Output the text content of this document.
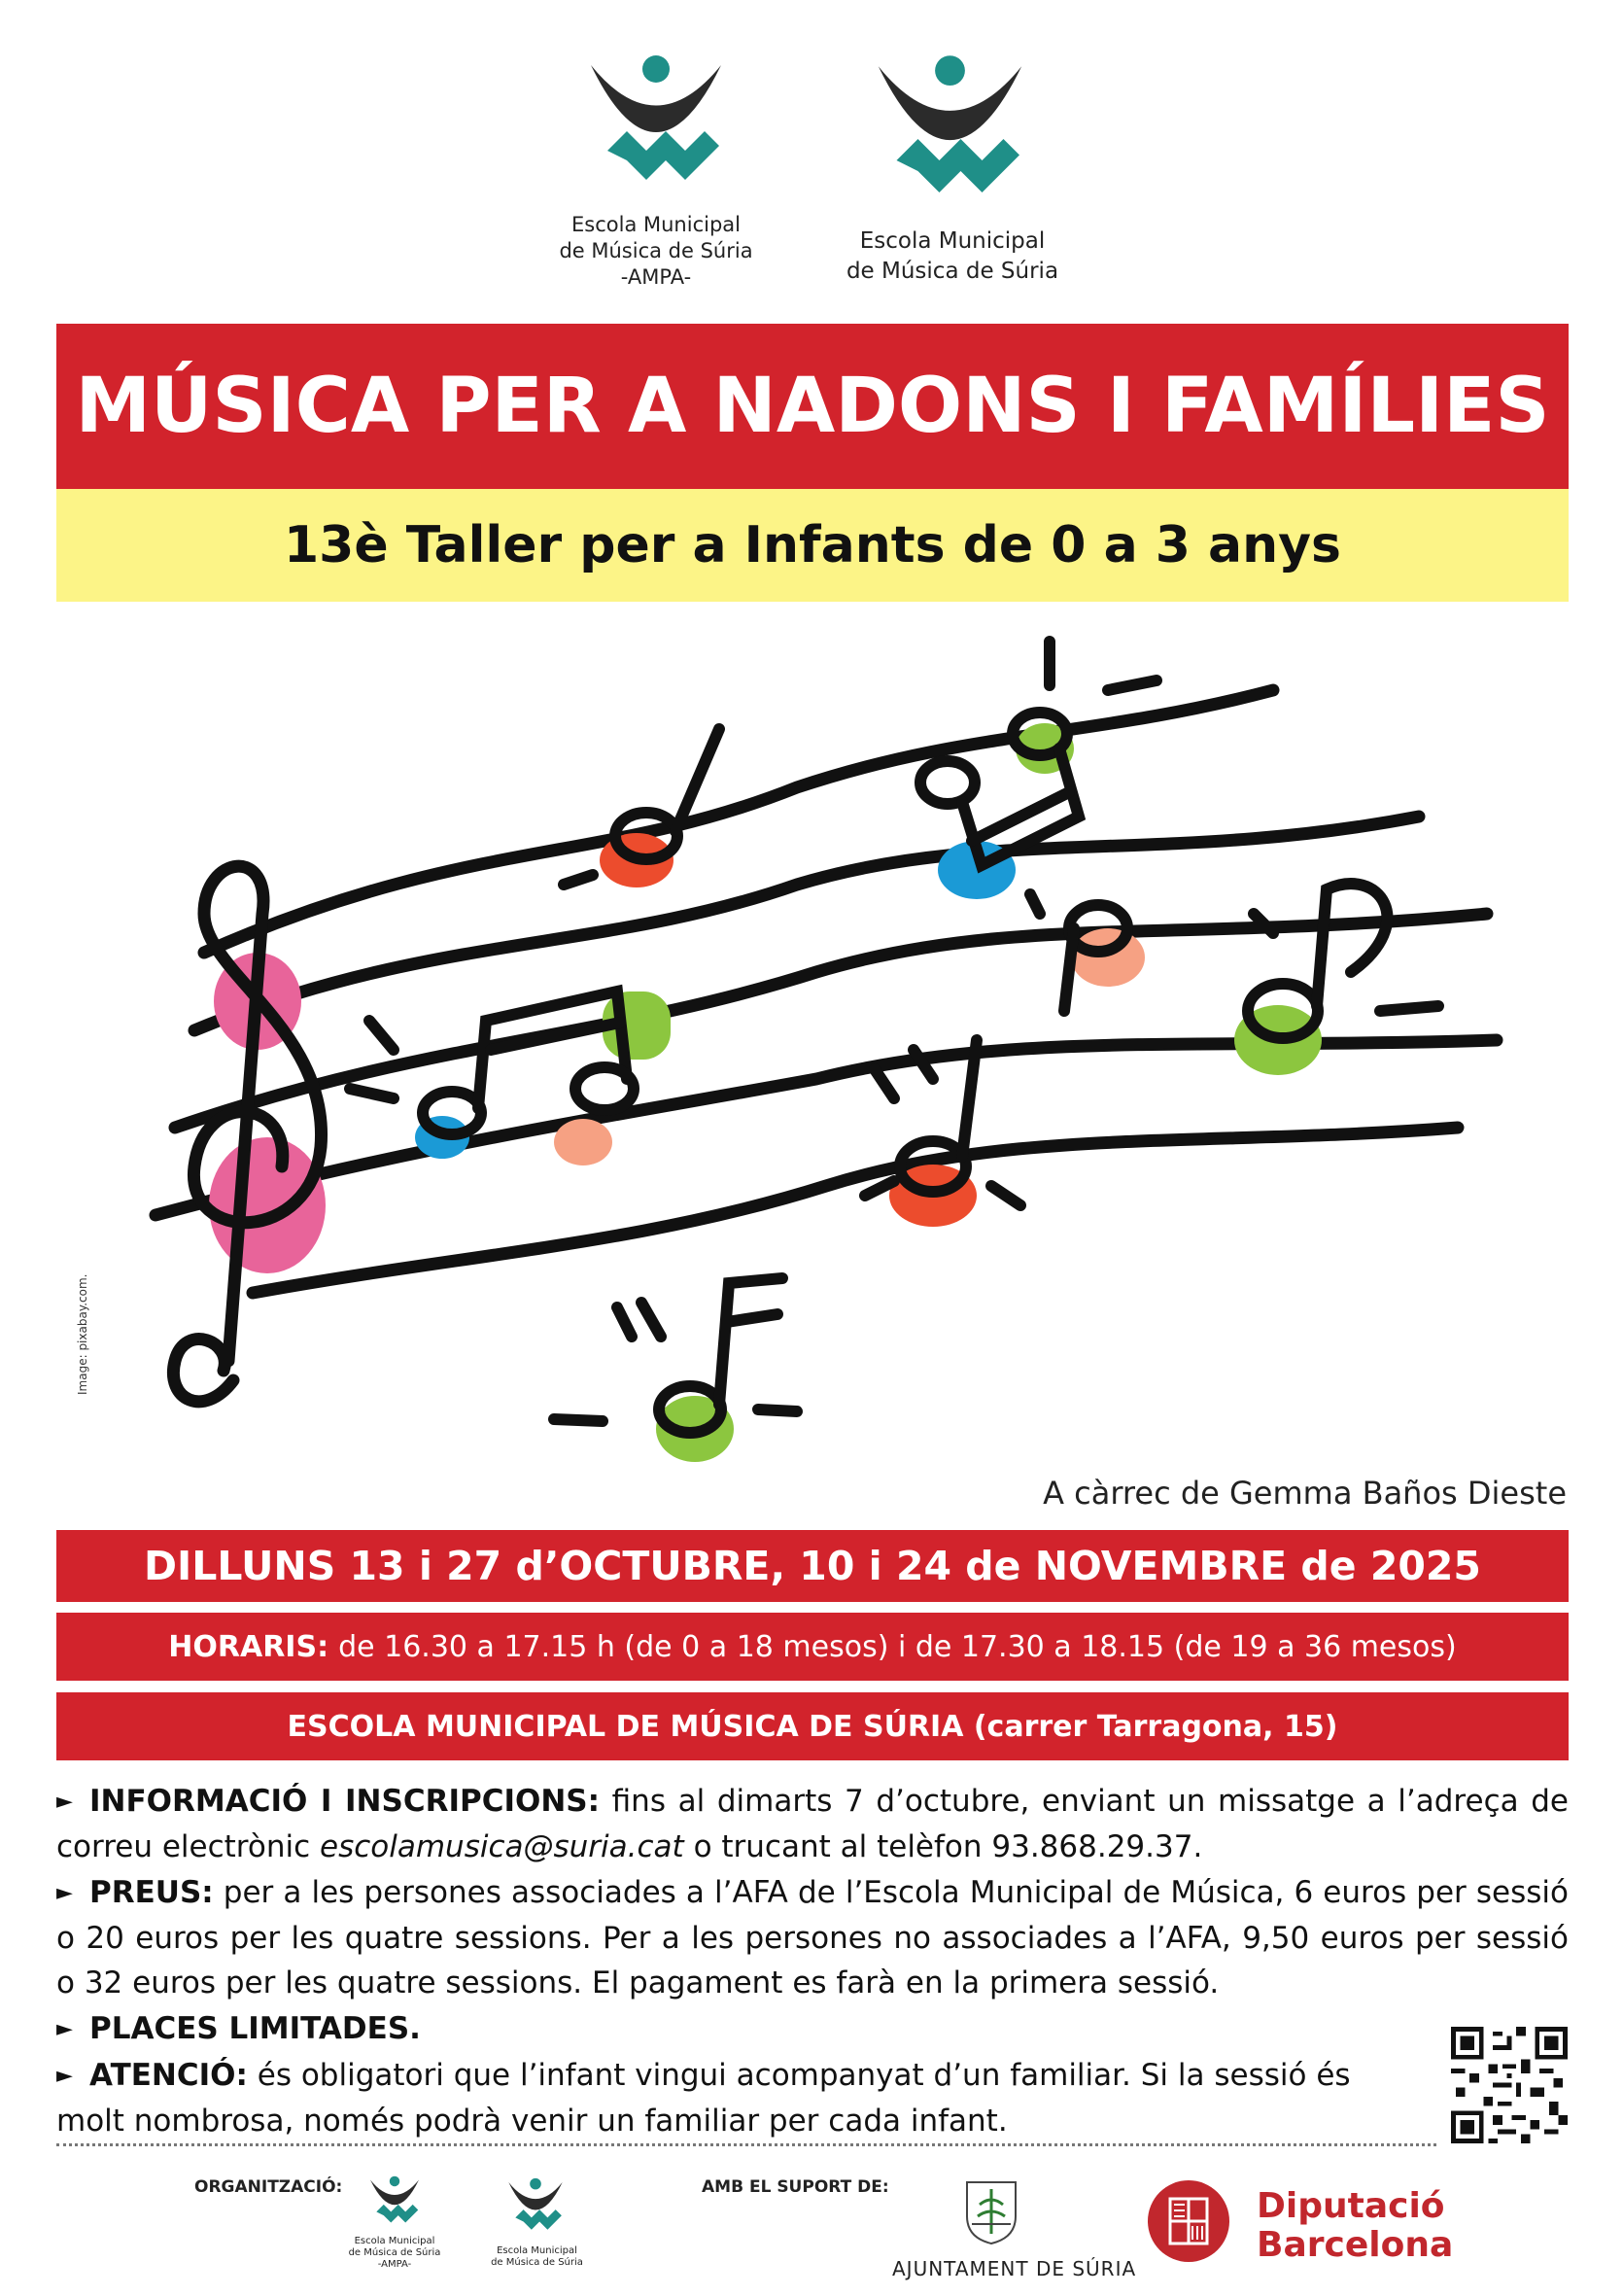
Escola Municipal
de Música de Súria
-AMPA-
Escola Municipal
de Música de Súria
MÚSICA PER A NADONS I FAMÍLIES
13è Taller per a Infants de 0 a 3 anys
Image: pixabay.com.
A càrrec de Gemma Baños Dieste
DILLUNS 13 i 27 d’OCTUBRE, 10 i 24 de NOVEMBRE de 2025
HORARIS: de 16.30 a 17.15 h (de 0 a 18 mesos) i de 17.30 a 18.15 (de 19 a 36 mesos)
ESCOLA MUNICIPAL DE MÚSICA DE SÚRIA (carrer Tarragona, 15)
► INFORMACIÓ I INSCRIPCIONS: fins al dimarts 7 d’octubre, enviant un missatge a l’adreça de correu electrònic escolamusica@suria.cat o trucant al telèfon 93.868.29.37.
► PREUS: per a les persones associades a l’AFA de l’Escola Municipal de Música, 6 euros per sessió o 20 euros per les quatre sessions. Per a les persones no associades a l’AFA, 9,50 euros per sessió o 32 euros per les quatre sessions. El pagament es farà en la primera sessió.
► PLACES LIMITADES.
► ATENCIÓ: és obligatori que l’infant vingui acompanyat d’un familiar. Si la sessió és molt nombrosa, només podrà venir un familiar per cada infant.
ORGANITZACIÓ:
Escola Municipal
de Música de Súria
-AMPA-
Escola Municipal
de Música de Súria
AMB EL SUPORT DE:
AJUNTAMENT DE SÚRIA
Diputació
Barcelona
